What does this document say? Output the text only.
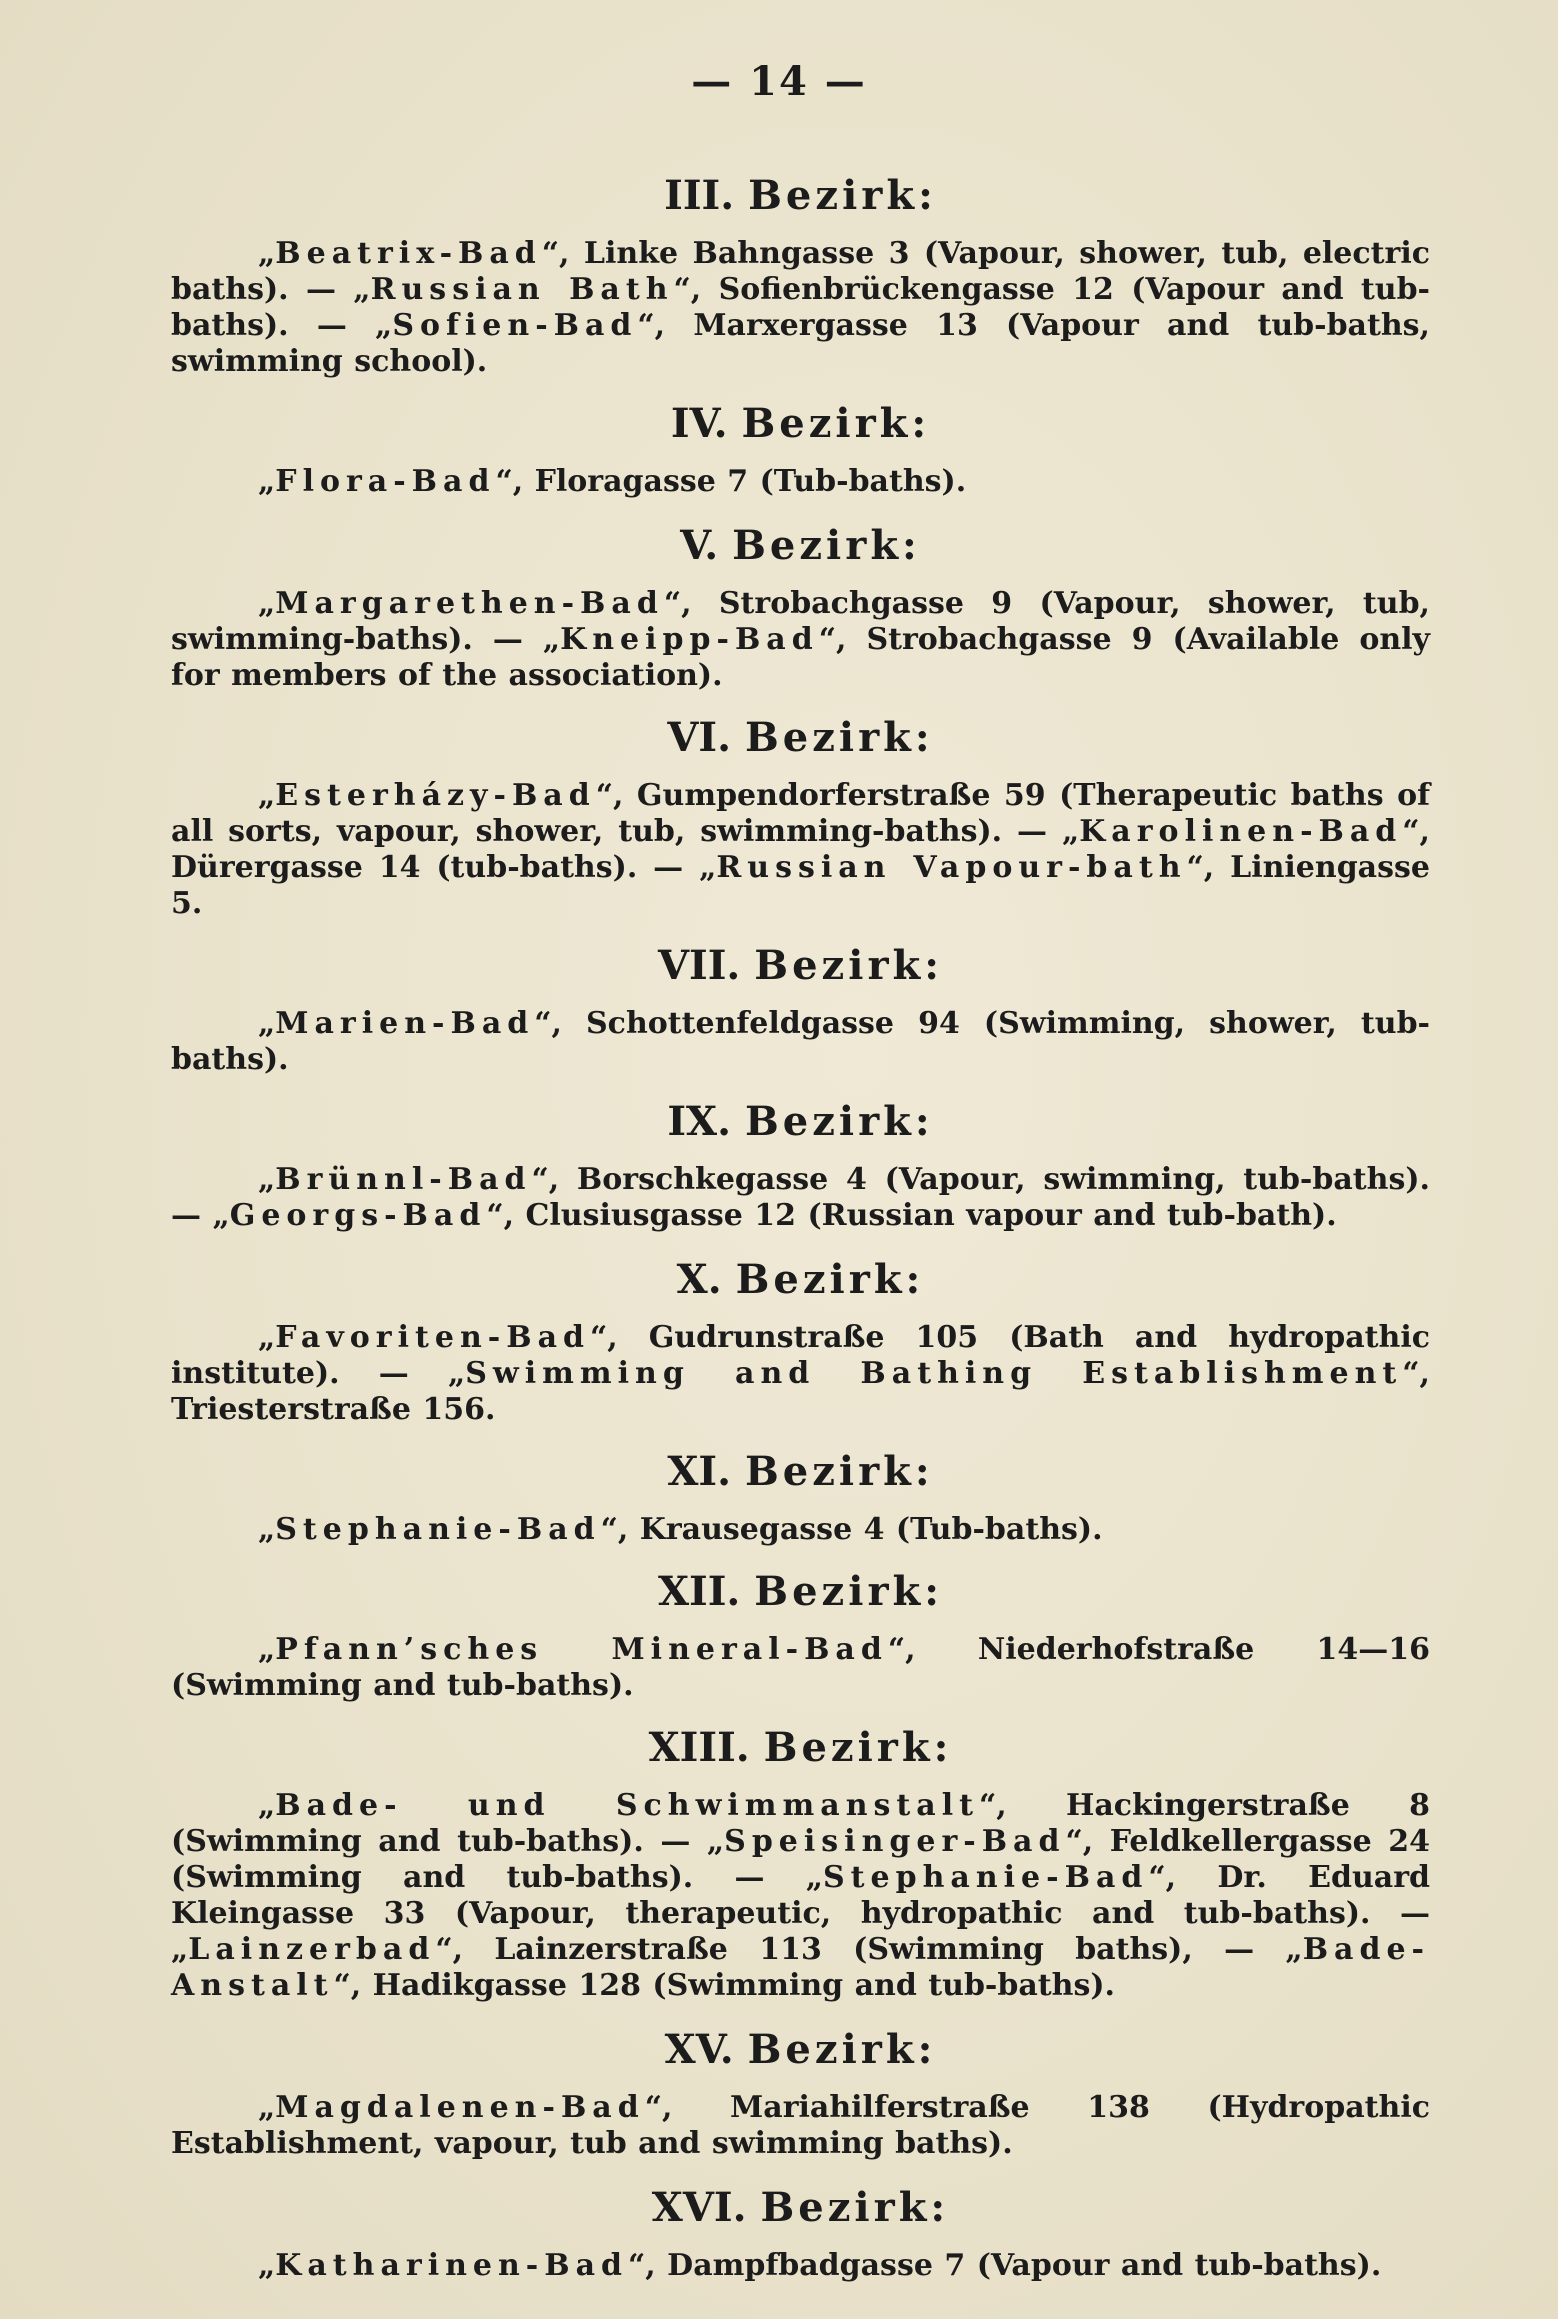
— 14 —
III. Bezirk:

„Beatrix-Bad“, Linke Bahngasse 3 (Vapour, shower, tub, electric baths). — „Russian Bath“, Sofienbrückengasse 12 (Vapour and tub-baths). — „Sofien-Bad“, Marxergasse 13 (Vapour and tub-baths, swimming school).

IV. Bezirk:

„Flora-Bad“, Floragasse 7 (Tub-baths).

V. Bezirk:

„Margarethen-Bad“, Strobachgasse 9 (Vapour, shower, tub, swimming-baths). — „Kneipp-Bad“, Strobachgasse 9 (Available only for members of the association).

VI. Bezirk:

„Esterházy-Bad“, Gumpendorferstraße 59 (Therapeutic baths of all sorts, vapour, shower, tub, swimming-baths). — „Karolinen-Bad“, Dürergasse 14 (tub-baths). — „Russian Vapour-bath“, Liniengasse 5.

VII. Bezirk:

„Marien-Bad“, Schottenfeldgasse 94 (Swimming, shower, tub-baths).

IX. Bezirk:

„Brünnl-Bad“, Borschkegasse 4 (Vapour, swimming, tub-baths). — „Georgs-Bad“, Clusiusgasse 12 (Russian vapour and tub-bath).

X. Bezirk:

„Favoriten-Bad“, Gudrunstraße 105 (Bath and hydropathic institute). — „Swimming and Bathing Establishment“, Triesterstraße 156.

XI. Bezirk:

„Stephanie-Bad“, Krausegasse 4 (Tub-baths).

XII. Bezirk:

„Pfann’sches Mineral-Bad“, Niederhofstraße 14—16 (Swimming and tub-baths).

XIII. Bezirk:

„Bade- und Schwimmanstalt“, Hackingerstraße 8 (Swimming and tub-baths). — „Speisinger-Bad“, Feldkellergasse 24 (Swimming and tub-baths). — „Stephanie-Bad“, Dr. Eduard Kleingasse 33 (Vapour, therapeutic, hydropathic and tub-baths). — „Lainzerbad“, Lainzerstraße 113 (Swimming baths), — „Bade-Anstalt“, Hadikgasse 128 (Swimming and tub-baths).

XV. Bezirk:

„Magdalenen-Bad“, Mariahilferstraße 138 (Hydropathic Establishment, vapour, tub and swimming baths).

XVI. Bezirk:

„Katharinen-Bad“, Dampfbadgasse 7 (Vapour and tub-baths).
